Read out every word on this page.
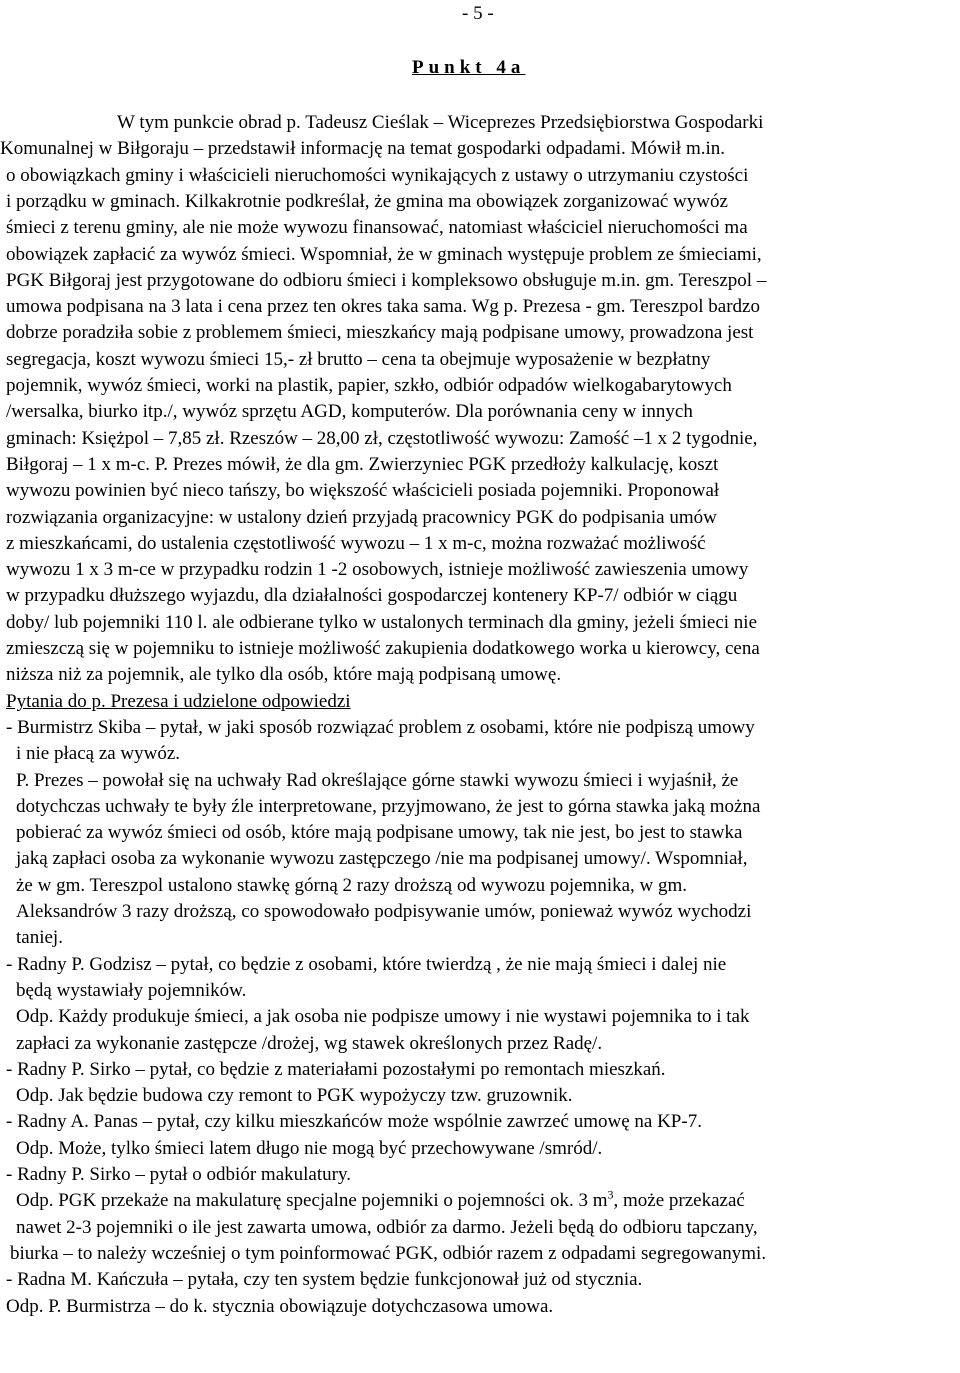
- 5 -
Punkt 4a
W tym punkcie obrad p. Tadeusz Cieślak – Wiceprezes Przedsiębiorstwa Gospodarki
Komunalnej w Biłgoraju – przedstawił informację na temat gospodarki odpadami. Mówił m.in.
o obowiązkach gminy i właścicieli nieruchomości wynikających z ustawy o utrzymaniu czystości
i porządku w gminach. Kilkakrotnie podkreślał, że gmina ma obowiązek zorganizować wywóz
śmieci z terenu gminy, ale nie może wywozu finansować, natomiast właściciel nieruchomości ma
obowiązek zapłacić za wywóz śmieci. Wspomniał, że w gminach występuje problem ze śmieciami,
PGK Biłgoraj jest przygotowane do odbioru śmieci i kompleksowo obsługuje m.in. gm. Tereszpol –
umowa podpisana na 3 lata i cena przez ten okres taka sama. Wg p. Prezesa - gm. Tereszpol bardzo
dobrze poradziła sobie z problemem śmieci, mieszkańcy mają podpisane umowy, prowadzona jest
segregacja, koszt wywozu śmieci 15,- zł brutto – cena ta obejmuje wyposażenie w bezpłatny
pojemnik, wywóz śmieci, worki na plastik, papier, szkło, odbiór odpadów wielkogabarytowych
/wersalka, biurko itp./, wywóz sprzętu AGD, komputerów. Dla porównania ceny w innych
gminach: Księżpol – 7,85 zł. Rzeszów – 28,00 zł, częstotliwość wywozu: Zamość –1 x 2 tygodnie,
Biłgoraj – 1 x m-c. P. Prezes mówił, że dla gm. Zwierzyniec PGK przedłoży kalkulację, koszt
wywozu powinien być nieco tańszy, bo większość właścicieli posiada pojemniki. Proponował
rozwiązania organizacyjne: w ustalony dzień przyjadą pracownicy PGK do podpisania umów
z mieszkańcami, do ustalenia częstotliwość wywozu – 1 x m-c, można rozważać możliwość
wywozu 1 x 3 m-ce w przypadku rodzin 1 -2 osobowych, istnieje możliwość zawieszenia umowy
w przypadku dłuższego wyjazdu, dla działalności gospodarczej kontenery KP-7/ odbiór w ciągu
doby/ lub pojemniki 110 l. ale odbierane tylko w ustalonych terminach dla gminy, jeżeli śmieci nie
zmieszczą się w pojemniku to istnieje możliwość zakupienia dodatkowego worka u kierowcy, cena
niższa niż za pojemnik, ale tylko dla osób, które mają podpisaną umowę.
Pytania do p. Prezesa i udzielone odpowiedzi
- Burmistrz Skiba – pytał, w jaki sposób rozwiązać problem z osobami, które nie podpiszą umowy
i nie płacą za wywóz.
P. Prezes – powołał się na uchwały Rad określające górne stawki wywozu śmieci i wyjaśnił, że
dotychczas uchwały te były źle interpretowane, przyjmowano, że jest to górna stawka jaką można
pobierać za wywóz śmieci od osób, które mają podpisane umowy, tak nie jest, bo jest to stawka
jaką zapłaci osoba za wykonanie wywozu zastępczego /nie ma podpisanej umowy/. Wspomniał,
że w gm. Tereszpol ustalono stawkę górną 2 razy droższą od wywozu pojemnika, w gm.
Aleksandrów 3 razy droższą, co spowodowało podpisywanie umów, ponieważ wywóz wychodzi
taniej.
- Radny P. Godzisz – pytał, co będzie z osobami, które twierdzą , że nie mają śmieci i dalej nie
będą wystawiały pojemników.
Odp. Każdy produkuje śmieci, a jak osoba nie podpisze umowy i nie wystawi pojemnika to i tak
zapłaci za wykonanie zastępcze /drożej, wg stawek określonych przez Radę/.
- Radny P. Sirko – pytał, co będzie z materiałami pozostałymi po remontach mieszkań.
Odp. Jak będzie budowa czy remont to PGK wypożyczy tzw. gruzownik.
- Radny A. Panas – pytał, czy kilku mieszkańców może wspólnie zawrzeć umowę na KP-7.
Odp. Może, tylko śmieci latem długo nie mogą być przechowywane /smród/.
- Radny P. Sirko – pytał o odbiór makulatury.
Odp. PGK przekaże na makulaturę specjalne pojemniki o pojemności ok. 3 $m^3$, może przekazać
nawet 2-3 pojemniki o ile jest zawarta umowa, odbiór za darmo. Jeżeli będą do odbioru tapczany,
biurka – to należy wcześniej o tym poinformować PGK, odbiór razem z odpadami segregowanymi.
- Radna M. Kańczuła – pytała, czy ten system będzie funkcjonował już od stycznia.
Odp. P. Burmistrza – do k. stycznia obowiązuje dotychczasowa umowa.
